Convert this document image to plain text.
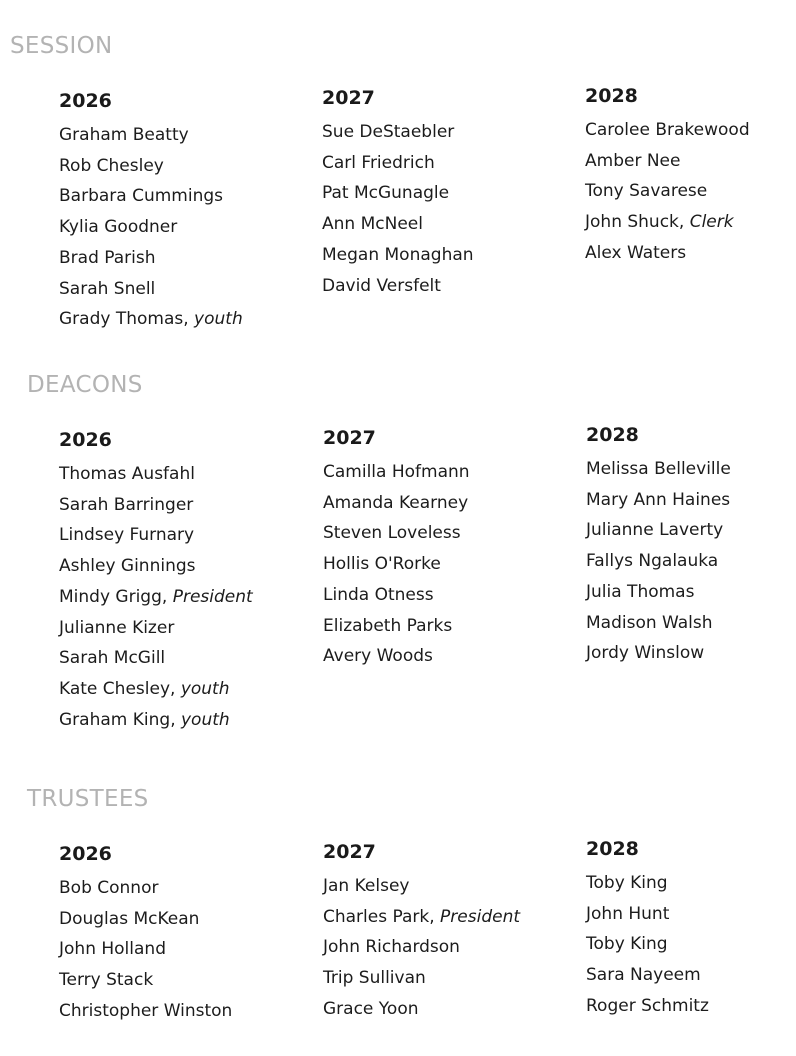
SESSION
2026
Graham Beatty
Rob Chesley
Barbara Cummings
Kylia Goodner
Brad Parish
Sarah Snell
Grady Thomas, youth
2027
Sue DeStaebler
Carl Friedrich
Pat McGunagle
Ann McNeel
Megan Monaghan
David Versfelt
2028
Carolee Brakewood
Amber Nee
Tony Savarese
John Shuck, Clerk
Alex Waters
DEACONS
2026
Thomas Ausfahl
Sarah Barringer
Lindsey Furnary
Ashley Ginnings
Mindy Grigg, President
Julianne Kizer
Sarah McGill
Kate Chesley, youth
Graham King, youth
2027
Camilla Hofmann
Amanda Kearney
Steven Loveless
Hollis O'Rorke
Linda Otness
Elizabeth Parks
Avery Woods
2028
Melissa Belleville
Mary Ann Haines
Julianne Laverty
Fallys Ngalauka
Julia Thomas
Madison Walsh
Jordy Winslow
TRUSTEES
2026
Bob Connor
Douglas McKean
John Holland
Terry Stack
Christopher Winston
2027
Jan Kelsey
Charles Park, President
John Richardson
Trip Sullivan
Grace Yoon
2028
Toby King
John Hunt
Toby King
Sara Nayeem
Roger Schmitz
